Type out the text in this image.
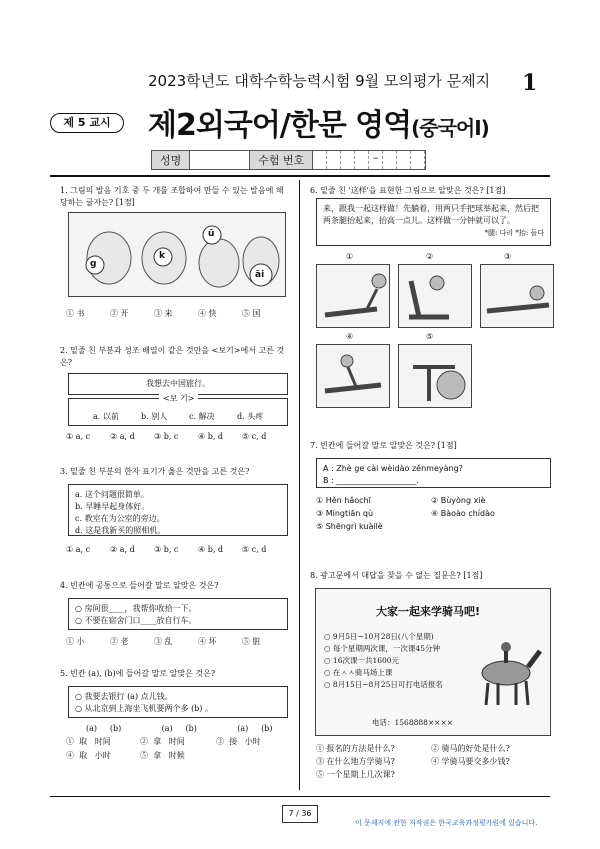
2023학년도 대학수학능력시험 9월 모의평가 문제지 1
제 5 교시	제2외국어/한문 영역(중국어Ⅰ)
성명	수험 번호	–
1. 그림의 발음 기호 중 두 개를 조합하여 만들 수 있는 발음에 해당하는 글자는? [1점]
g
k
ū
āi
① 书	② 开	③ 来	④ 快	⑤ 国
2. 밑줄 친 부분과 성조 배열이 같은 것만을 <보기>에서 고른 것은?
我想去中国旅行。
<보 기>
a. 以前	b. 别人	c. 解决	d. 头疼
① a, c	② a, d	③ b, c	④ b, d	⑤ c, d
3. 밑줄 친 부분의 한자 표기가 옳은 것만을 고른 것은?
a. 这个问题很简单。
b. 早睡早起身体好。
c. 教室在为公室的旁边。
d. 这是我新买的照相机。
① a, c	② a, d	③ b, c	④ b, d	⑤ c, d
4. 빈칸에 공통으로 들어갈 말로 알맞은 것은?
○ 房间很____，我帮你收拾一下。
○ 不要在宿舍门口____放自行车。
① 小	② 老	③ 乱	④ 坏	⑤ 脏
5. 빈칸 (a), (b)에 들어갈 말로 알맞은 것은?
○ 我要去银行 (a) 点儿钱。
○ 从北京到上海坐飞机要两个多 (b) 。
(a)	(b)	(a)	(b)	(a)	(b)
① 取 时间	② 拿 时间	③ 接 小时
④ 取 小时	⑤ 拿 时候
6. 밑줄 친 '这样'을 표현한 그림으로 알맞은 것은? [1점]
来，跟我一起这样做！先躺着，用两只手把球举起来，然后把两条腿抬起来，抬高一点儿。这样做一分钟就可以了。
*腿: 다리 *抬: 들다
①	②	③
④	⑤
7. 빈칸에 들어갈 말로 알맞은 것은? [1점]
A : Zhè ge cài wèidào zěnmeyàng?
B : ____________________.
① Hěn hǎochī	② Bùyòng xiè
③ Míngtiān qù	④ Bàoào chídào
⑤ Shēngrì kuàilè
8. 광고문에서 대답을 찾을 수 없는 질문은? [1점]
大家一起来学骑马吧!
○ 9月5日~10月28日(八个星期)
○ 每个星期两次课，一次课45分钟
○ 16次课一共1600元
○ 在ㅅㅅ骑马场上课
○ 8月15日~8月25日可打电话报名
电话：1568888××××
① 报名的方法是什么?	② 骑马的好处是什么?
③ 在什么地方学骑马?	④ 学骑马要交多少钱?
⑤ 一个星期上几次课?
7 / 36
이 문제지에 관한 저작권은 한국교육과정평가원에 있습니다.
